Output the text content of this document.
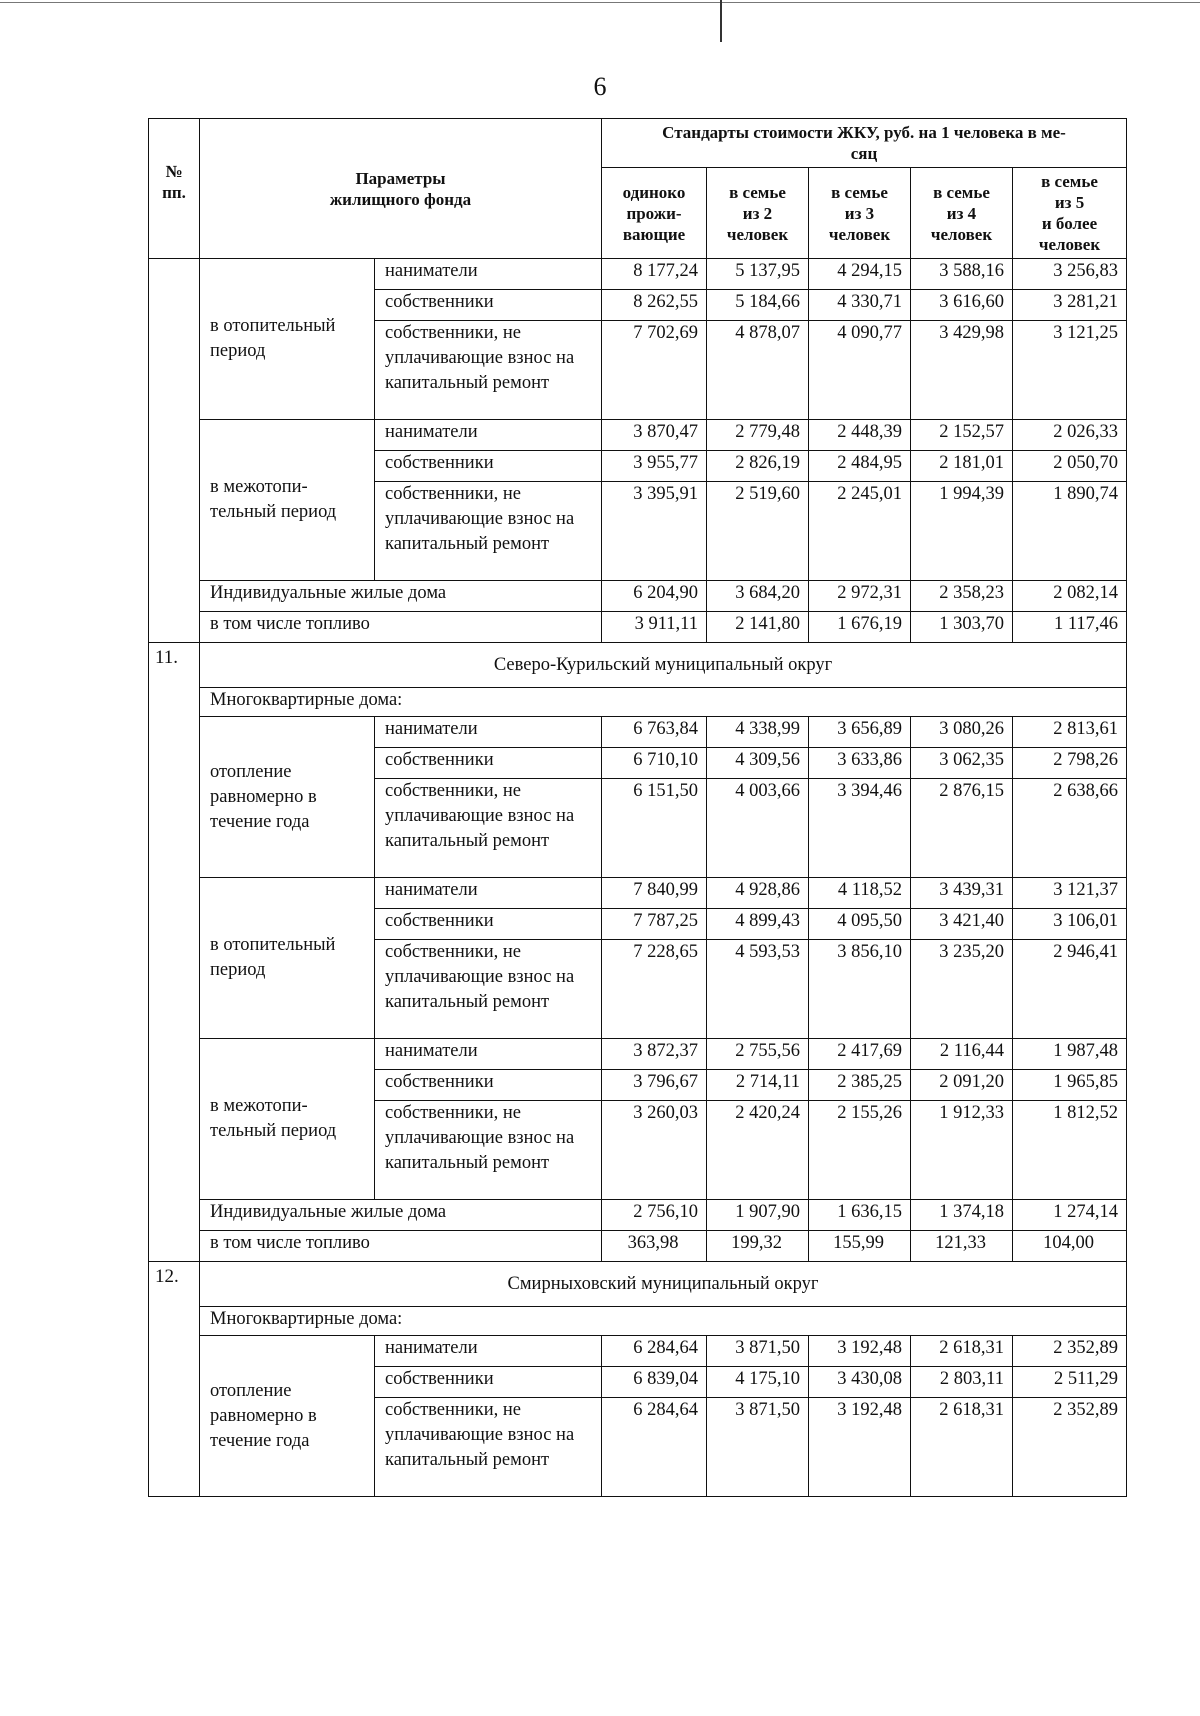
6
№
пп.	Параметры
жилищного фонда		Стандарты стоимости ЖКУ, руб. на 1 человека в ме-
сяц				
			одиноко
прожи-
вающие	в семье
из 2
человек	в семье
из 3
человек	в семье
из 4
человек	в семье
из 5
и более
человек
	в отопительный период	наниматели	8 177,24	5 137,95	4 294,15	3 588,16	3 256,83
		собственники	8 262,55	5 184,66	4 330,71	3 616,60	3 281,21
		собственники, не уплачивающие взнос на капитальный ремонт	7 702,69	4 878,07	4 090,77	3 429,98	3 121,25
	в межотопи-
тельный период	наниматели	3 870,47	2 779,48	2 448,39	2 152,57	2 026,33
		собственники	3 955,77	2 826,19	2 484,95	2 181,01	2 050,70
		собственники, не уплачивающие взнос на капитальный ремонт	3 395,91	2 519,60	2 245,01	1 994,39	1 890,74
	Индивидуальные жилые дома		6 204,90	3 684,20	2 972,31	2 358,23	2 082,14
	в том числе топливо		3 911,11	2 141,80	1 676,19	1 303,70	1 117,46
11.	Северо-Курильский муниципальный округ						
	Многоквартирные дома:						
	отопление равномерно в течение года	наниматели	6 763,84	4 338,99	3 656,89	3 080,26	2 813,61
		собственники	6 710,10	4 309,56	3 633,86	3 062,35	2 798,26
		собственники, не уплачивающие взнос на капитальный ремонт	6 151,50	4 003,66	3 394,46	2 876,15	2 638,66
	в отопительный период	наниматели	7 840,99	4 928,86	4 118,52	3 439,31	3 121,37
		собственники	7 787,25	4 899,43	4 095,50	3 421,40	3 106,01
		собственники, не уплачивающие взнос на капитальный ремонт	7 228,65	4 593,53	3 856,10	3 235,20	2 946,41
	в межотопи-
тельный период	наниматели	3 872,37	2 755,56	2 417,69	2 116,44	1 987,48
		собственники	3 796,67	2 714,11	2 385,25	2 091,20	1 965,85
		собственники, не уплачивающие взнос на капитальный ремонт	3 260,03	2 420,24	2 155,26	1 912,33	1 812,52
	Индивидуальные жилые дома		2 756,10	1 907,90	1 636,15	1 374,18	1 274,14
	в том числе топливо		363,98	199,32	155,99	121,33	104,00
12.	Смирныховский муниципальный округ						
	Многоквартирные дома:						
	отопление равномерно в течение года	наниматели	6 284,64	3 871,50	3 192,48	2 618,31	2 352,89
		собственники	6 839,04	4 175,10	3 430,08	2 803,11	2 511,29
		собственники, не уплачивающие взнос на капитальный ремонт	6 284,64	3 871,50	3 192,48	2 618,31	2 352,89
